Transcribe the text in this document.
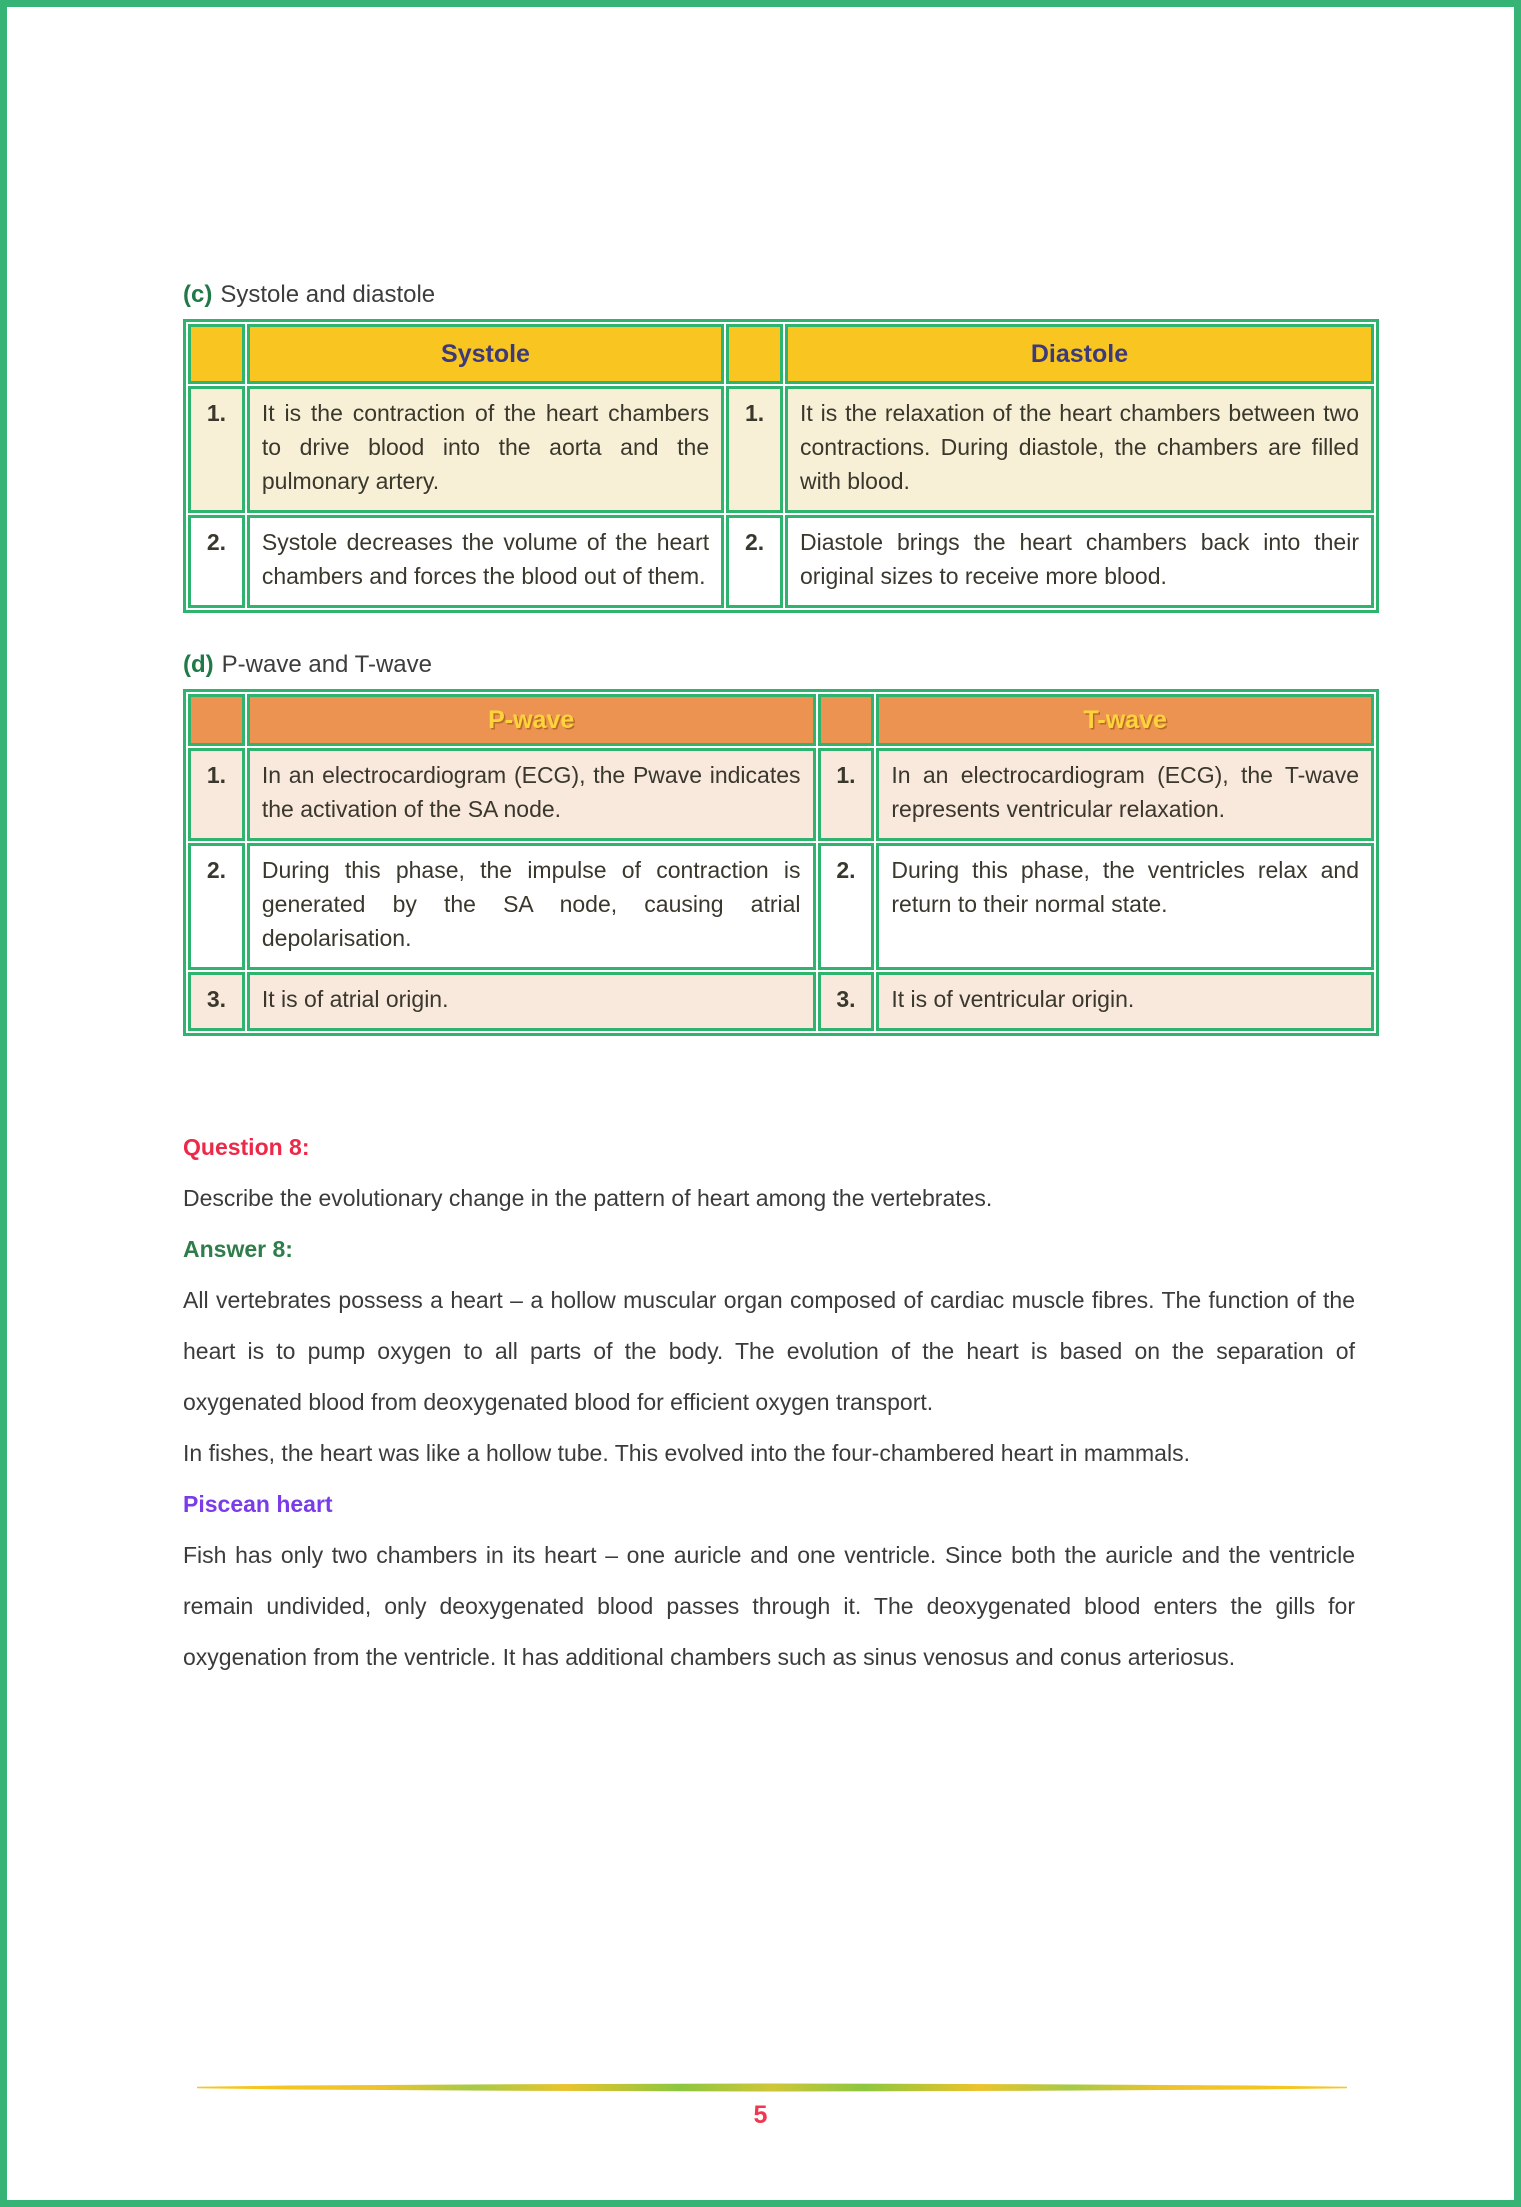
(c) Systole and diastole
	Systole		Diastole
1.	It is the contraction of the heart chambers to drive blood into the aorta and the pulmonary artery.	1.	It is the relaxation of the heart chambers between two contractions. During diastole, the chambers are filled with blood.
2.	Systole decreases the volume of the heart chambers and forces the blood out of them.	2.	Diastole brings the heart chambers back into their original sizes to receive more blood.
(d) P-wave and T-wave
	P-wave		T-wave
1.	In an electrocardiogram (ECG), the Pwave indicates the activation of the SA node.	1.	In an electrocardiogram (ECG), the T-wave represents ventricular relaxation.
2.	During this phase, the impulse of contraction is generated by the SA node, causing atrial depolarisation.	2.	During this phase, the ventricles relax and return to their normal state.
3.	It is of atrial origin.	3.	It is of ventricular origin.
Question 8:
Describe the evolutionary change in the pattern of heart among the vertebrates.
Answer 8:

All vertebrates possess a heart – a hollow muscular organ composed of cardiac muscle fibres. The function of the heart is to pump oxygen to all parts of the body. The evolution of the heart is based on the separation of oxygenated blood from deoxygenated blood for efficient oxygen transport.

In fishes, the heart was like a hollow tube. This evolved into the four-chambered heart in mammals.

Piscean heart

Fish has only two chambers in its heart – one auricle and one ventricle. Since both the auricle and the ventricle remain undivided, only deoxygenated blood passes through it. The deoxygenated blood enters the gills for oxygenation from the ventricle. It has additional chambers such as sinus venosus and conus arteriosus.

5
